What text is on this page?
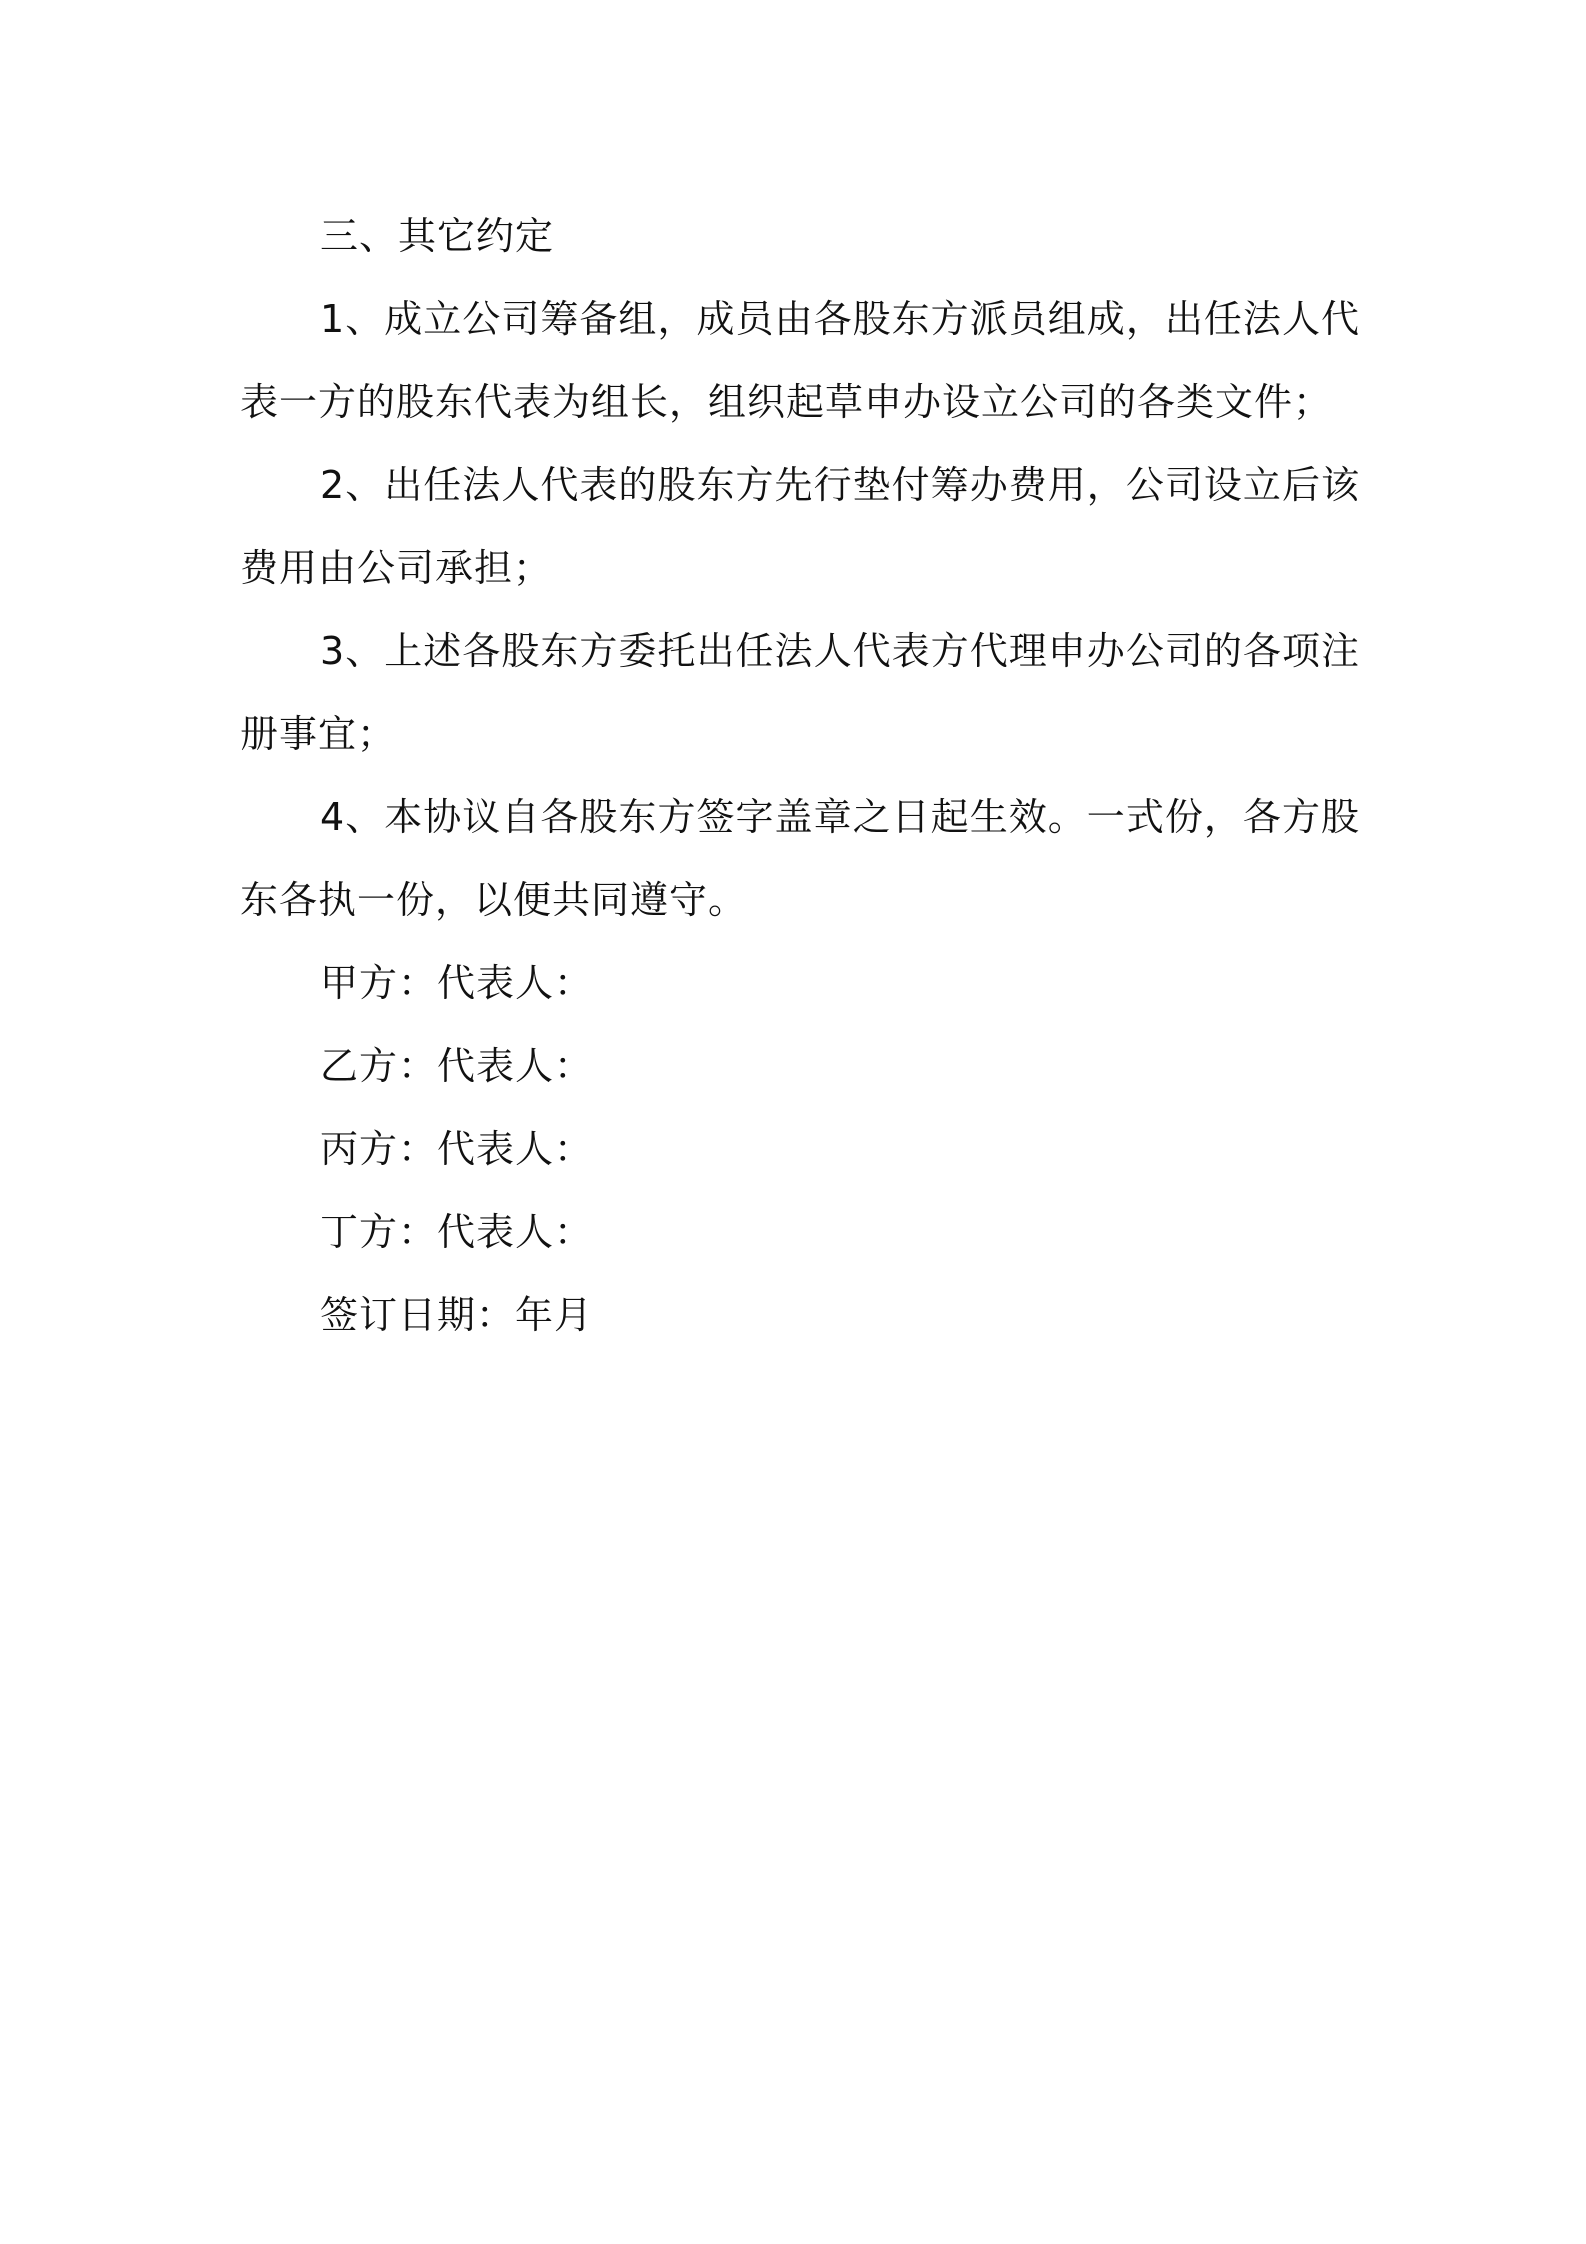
三、其它约定

1、成立公司筹备组，成员由各股东方派员组成，出任法人代表一方的股东代表为组长，组织起草申办设立公司的各类文件；

2、出任法人代表的股东方先行垫付筹办费用，公司设立后该费用由公司承担；

3、上述各股东方委托出任法人代表方代理申办公司的各项注册事宜；

4、本协议自各股东方签字盖章之日起生效。一式份，各方股东各执一份，以便共同遵守。

甲方：代表人：

乙方：代表人：

丙方：代表人：

丁方：代表人：

签订日期：年月
